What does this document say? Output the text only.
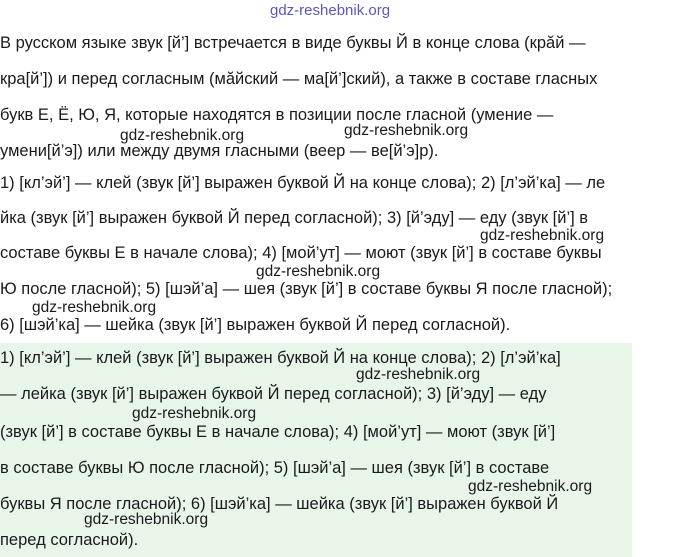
gdz-reshebnik.org
В русском языке звук [й’] встречается в виде буквы Й в конце слова (крӑй —
кра[й’]) и перед согласным (мӑйский — ма[й’]ский), а также в составе гласных
букв Е, Ё, Ю, Я, которые находятся в позиции после гласной (умение —
умени[й’э]) или между двумя гласными (веер — ве[й’э]р).
gdz-reshebnik.org	gdz-reshebnik.org
1) [кл’эй’] — клей (звук [й’] выражен буквой Й на конце слова); 2) [л’эй’ка] — ле
йка (звук [й’] выражен буквой Й перед согласной); 3) [й’эду] — еду (звук [й’] в
составе буквы Е в начале слова); 4) [мой’ут] — моют (звук [й’] в составе буквы
Ю после гласной); 5) [шэй’а] — шея (звук [й’] в составе буквы Я после гласной);
6) [шэй’ка] — шейка (звук [й’] выражен буквой Й перед согласной).
gdz-reshebnik.org
gdz-reshebnik.org
gdz-reshebnik.org
1) [кл’эй’] — клей (звук [й’] выражен буквой Й на конце слова); 2) [л’эй’ка]
— лейка (звук [й’] выражен буквой Й перед согласной); 3) [й’эду] — еду
(звук [й’] в составе буквы Е в начале слова); 4) [мой’ут] — моют (звук [й’]
в составе буквы Ю после гласной); 5) [шэй’а] — шея (звук [й’] в составе
буквы Я после гласной); 6) [шэй’ка] — шейка (звук [й’] выражен буквой Й
перед согласной).
gdz-reshebnik.org
gdz-reshebnik.org
gdz-reshebnik.org
gdz-reshebnik.org
